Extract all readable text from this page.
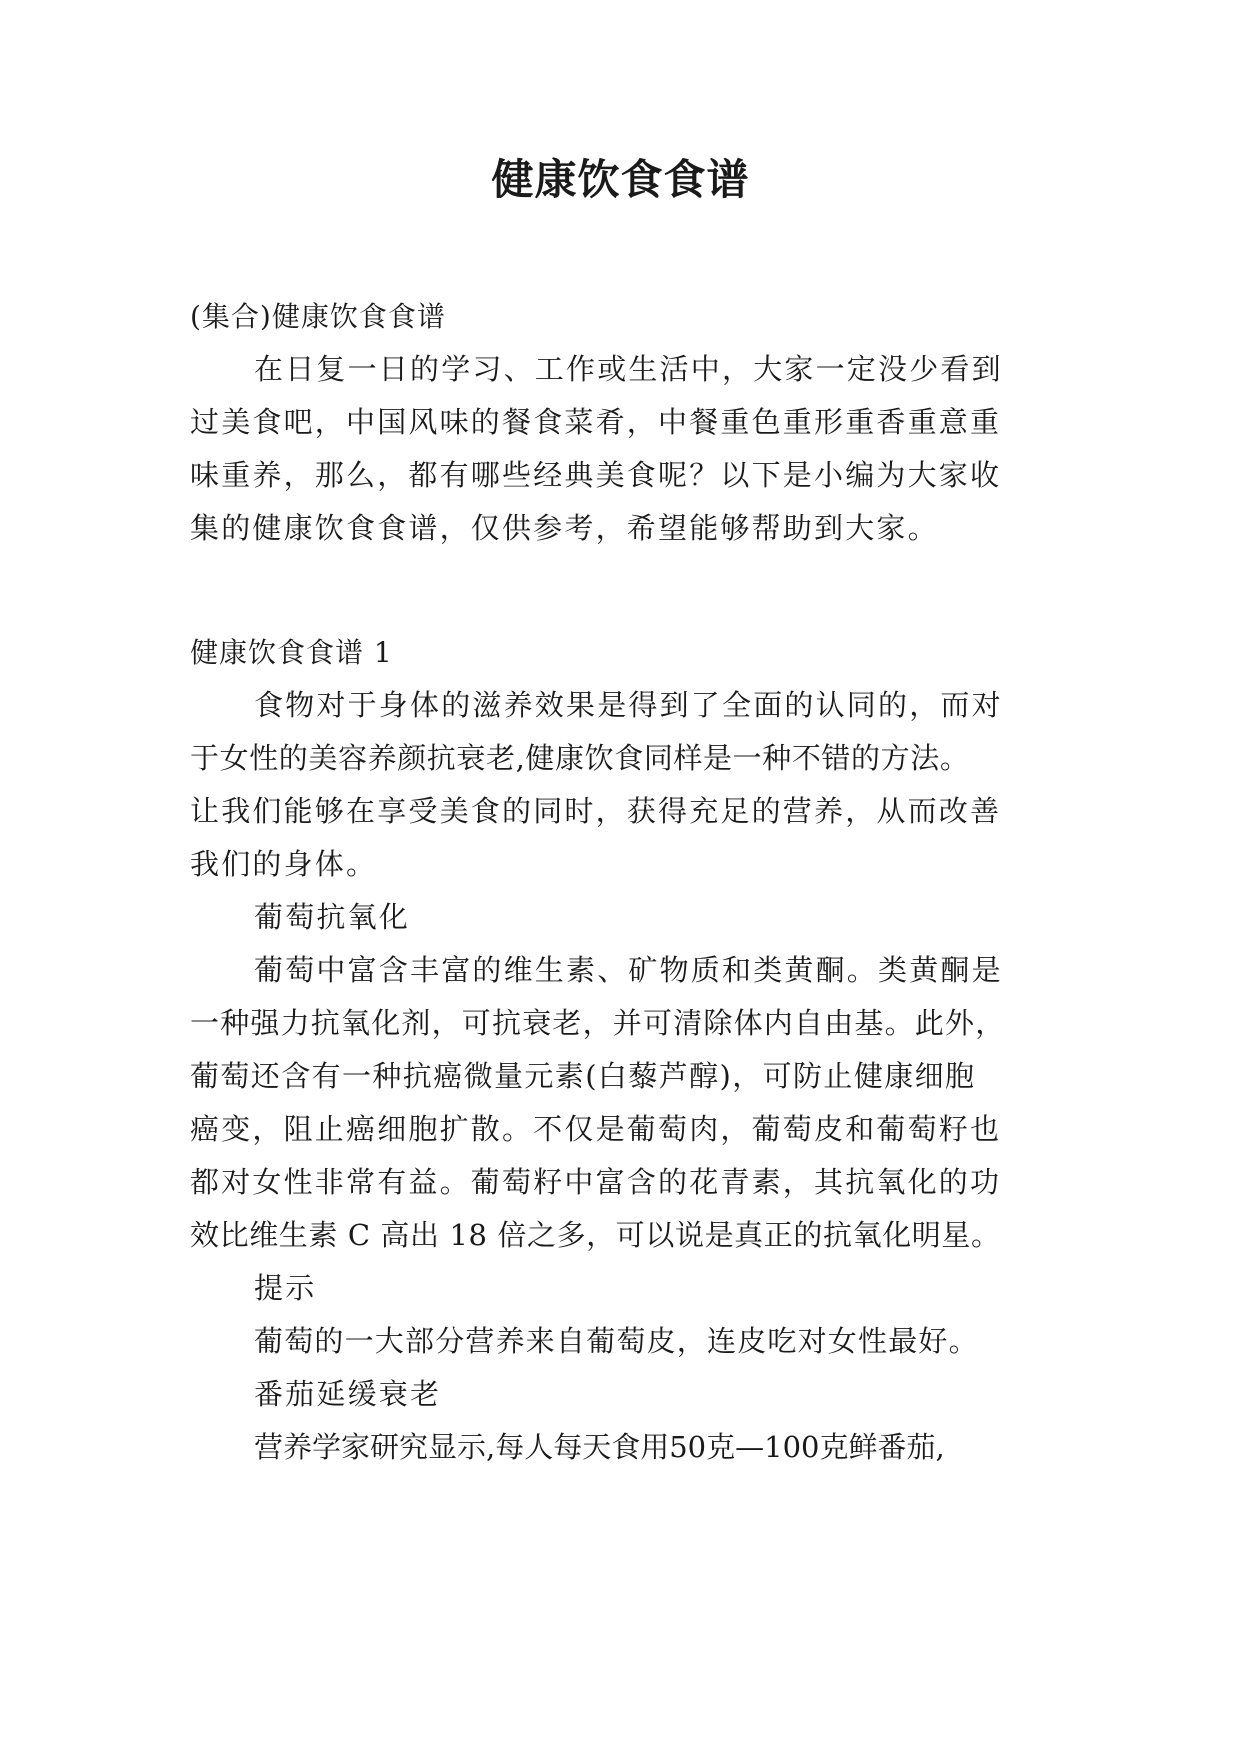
健康饮食食谱
(集合)健康饮食食谱
在日复一日的学习、工作或生活中，大家一定没少看到
过美食吧，中国风味的餐食菜肴，中餐重色重形重香重意重
味重养，那么，都有哪些经典美食呢？以下是小编为大家收
集的健康饮食食谱，仅供参考，希望能够帮助到大家。
健康饮食食谱 1
食物对于身体的滋养效果是得到了全面的认同的，而对
于女性的美容养颜抗衰老,健康饮食同样是一种不错的方法。
让我们能够在享受美食的同时，获得充足的营养，从而改善
我们的身体。
葡萄抗氧化
葡萄中富含丰富的维生素、矿物质和类黄酮。类黄酮是
一种强力抗氧化剂，可抗衰老，并可清除体内自由基。此外，
葡萄还含有一种抗癌微量元素(白藜芦醇)，可防止健康细胞
癌变，阻止癌细胞扩散。不仅是葡萄肉，葡萄皮和葡萄籽也
都对女性非常有益。葡萄籽中富含的花青素，其抗氧化的功
效比维生素 C 高出 18 倍之多，可以说是真正的抗氧化明星。
提示
葡萄的一大部分营养来自葡萄皮，连皮吃对女性最好。
番茄延缓衰老
营养学家研究显示,每人每天食用50克—100克鲜番茄,
